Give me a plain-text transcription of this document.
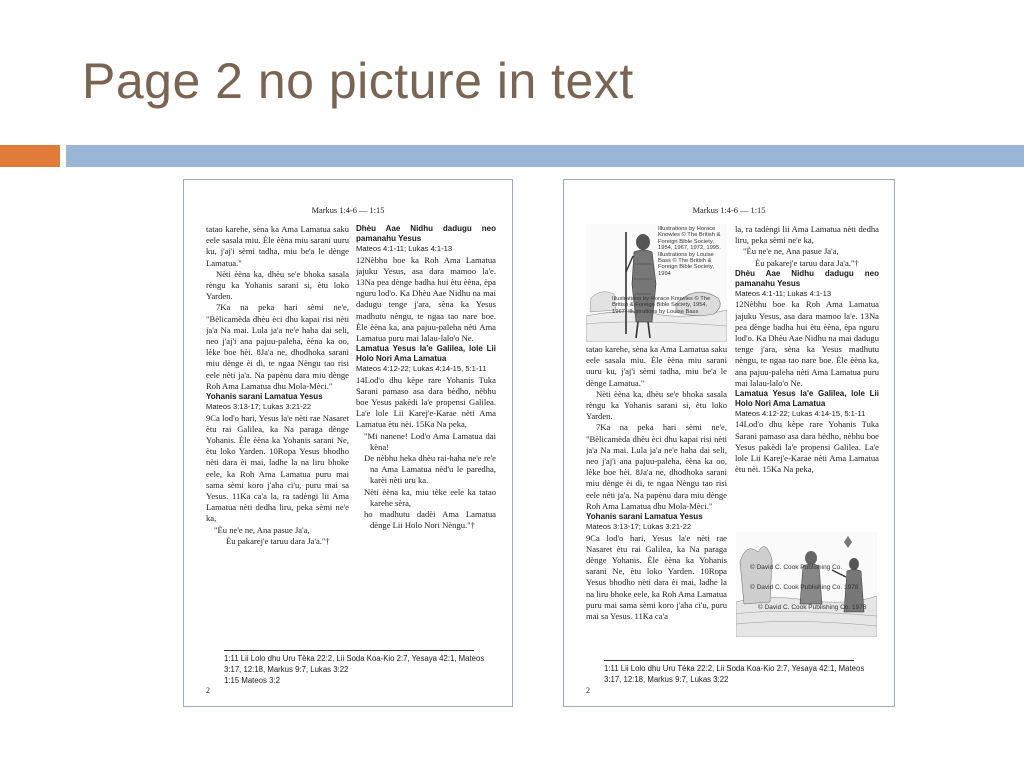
Page 2 no picture in text
Markus 1:4-6 — 1:15

tatao karehe, sèna ka Ama Lamatua saku eele sasala miu. Èle èèna miu sarani uuru ku, j'aj'i sèmi tadha, miu be'a le dènge Lamatua."

Nèti èèna ka, dhèu se'e bhoka sasala rèngu ka Yohanis sarani si, ètu loko Yarden.

7Ka na peka hari sèmi ne'e, "Bèlicamèda dhèu èci dhu kapai risi nèti ja'a Na mai. Lula ja'a ne'e haha dai seli, neo j'aj'i ana pajuu-paleha, èèna ka oo, lèke boe hèi. 8Ja'a ne, dhodhoka sarani miu dènge èi di, te ngaa Nèngu tao risi eele nèti ja'a. Na papènu dara miu dènge Roh Ama Lamatua dhu Mola-Mèci."

Yohanis sarani Lamatua Yesus

Mateos 3:13-17; Lukas 3:21-22

9Ca lod'o hari, Yesus la'e nèti rae Nasaret ètu rai Galilea, ka Na paraga dènge Yohanis. Èle èèna ka Yohanis sarani Ne, ètu loko Yarden. 10Ropa Yesus bhodho nèti dara èi mai, ladhe la na liru bhoke eele, ka Roh Ama Lamatua puru mai sama sèmi koro j'aha ci'u, puru mai sa Yesus. 11Ka ca'a la, ra tadèngi lii Ama Lamatua nèti dedha liru, peka sèmi ne'e ka,

"Èu ne'e ne, Ana pasue Ja'a,

Èu pakarej'e taruu dara Ja'a."†

Dhèu Aae Nidhu dadugu neo pamanahu Yesus

Mateos 4:1-11; Lukas 4:1-13

12Nèbhu boe ka Roh Ama Lamatua jajuku Yesus, asa dara mamoo la'e. 13Na pea dènge badha hui ètu èèna, èpa nguru lod'o. Ka Dhèu Aae Nidhu na mai dadugu tenge j'ara, sèna ka Yesus madhutu nèngu, te ngaa tao nare boe. Èle èèna ka, ana pajuu-paleha nèti Ama Lamatua puru mai lalau-lalo'o Ne.

Lamatua Yesus la'e Galilea, lole Lii Holo Nori Ama Lamatua

Mateos 4:12-22; Lukas 4:14-15, 5:1-11

14Lod'o dhu kèpe rare Yohanis Tuka Sarani pamaso asa dara bèdho, nèbhu boe Yesus pakèdi la'e propensi Galilea. La'e lole Lii Karej'e-Karae nèti Ama Lamatua ètu nèi. 15Ka Na peka,

"Mi nanene! Lod'o Ama Lamatua dai kèna!

De nèbhu heka dhèu rai-haha ne'e re'e na Ama Lamatua nèd'u le paredha, karèi nèti uru ka.

Nèti èèna ka, miu tèke eele ka tatao karehe sèra,

ho madhutu dadèi Ama Lamatua dènge Lii Holo Nori Nèngu."†

1:11 Lii Lolo dhu Uru Tèka 22:2, Lii Soda Koa-Kio 2:7, Yesaya 42:1, Mateos 3:17, 12:18, Markus 9:7, Lukas 3:22
1:15 Mateos 3:2
2
Markus 1:4-6 — 1:15
Illustrations by Horace Knowles © The British & Foreign Bible Society, 1954, 1967, 1972, 1995. Illustrations by Louise Bass © The British & Foreign Bible Society, 1994
Illustrations by Horace Knowles © The British & Foreign Bible Society, 1954, 1967. Illustrations by Louise Bass

tatao karehe, sèna ka Ama Lamatua saku eele sasala miu. Èle èèna miu sarani uuru ku, j'aj'i sèmi tadha, miu be'a le dènge Lamatua."

Nèti èèna ka, dhèu se'e bhoka sasala rèngu ka Yohanis sarani si, ètu loko Yarden.

7Ka na peka hari sèmi ne'e, "Bèlicamèda dhèu èci dhu kapai risi nèti ja'a Na mai. Lula ja'a ne'e haha dai seli, neo j'aj'i ana pajuu-paleha, èèna ka oo, lèke boe hèi. 8Ja'a ne, dhodhoka sarani miu dènge èi di, te ngaa Nèngu tao risi eele nèti ja'a. Na papènu dara miu dènge Roh Ama Lamatua dhu Mola-Mèci."

Yohanis sarani Lamatua Yesus

Mateos 3:13-17; Lukas 3:21-22

9Ca lod'o hari, Yesus la'e nèti rae Nasaret ètu rai Galilea, ka Na paraga dènge Yohanis. Èle èèna ka Yohanis sarani Ne, ètu loko Yarden. 10Ropa Yesus bhodho nèti dara èi mai, ladhe la na liru bhoke eele, ka Roh Ama Lamatua puru mai sama sèmi koro j'aha ci'u, puru mai sa Yesus. 11Ka ca'a

la, ra tadèngi lii Ama Lamatua nèti dedha liru, peka sèmi ne'e ka,

"Èu ne'e ne, Ana pasue Ja'a,

Èu pakarej'e taruu dara Ja'a."†

Dhèu Aae Nidhu dadugu neo pamanahu Yesus

Mateos 4:1-11; Lukas 4:1-13

12Nèbhu boe ka Roh Ama Lamatua jajuku Yesus, asa dara mamoo la'e. 13Na pea dènge badha hui ètu èèna, èpa nguru lod'o. Ka Dhèu Aae Nidhu na mai dadugu tenge j'ara, sèna ka Yesus madhutu nèngu, te ngaa tao nare boe. Èle èèna ka, ana pajuu-paleha nèti Ama Lamatua puru mai lalau-lalo'o Ne.

Lamatua Yesus la'e Galilea, lole Lii Holo Nori Ama Lamatua

Mateos 4:12-22; Lukas 4:14-15, 5:1-11

14Lod'o dhu kèpe rare Yohanis Tuka Sarani pamaso asa dara bèdho, nèbhu boe Yesus pakèdi la'e propensi Galilea. La'e lole Lii Karej'e-Karae nèti Ama Lamatua ètu nèi. 15Ka Na peka,

© David C. Cook Publishing Co.
© David C. Cook Publishing Co. 1978
© David C. Cook Publishing Co. 1978
1:11 Lii Lolo dhu Uru Tèka 22:2, Lii Soda Koa-Kio 2:7, Yesaya 42:1, Mateos 3:17, 12:18, Markus 9:7, Lukas 3:22
2
